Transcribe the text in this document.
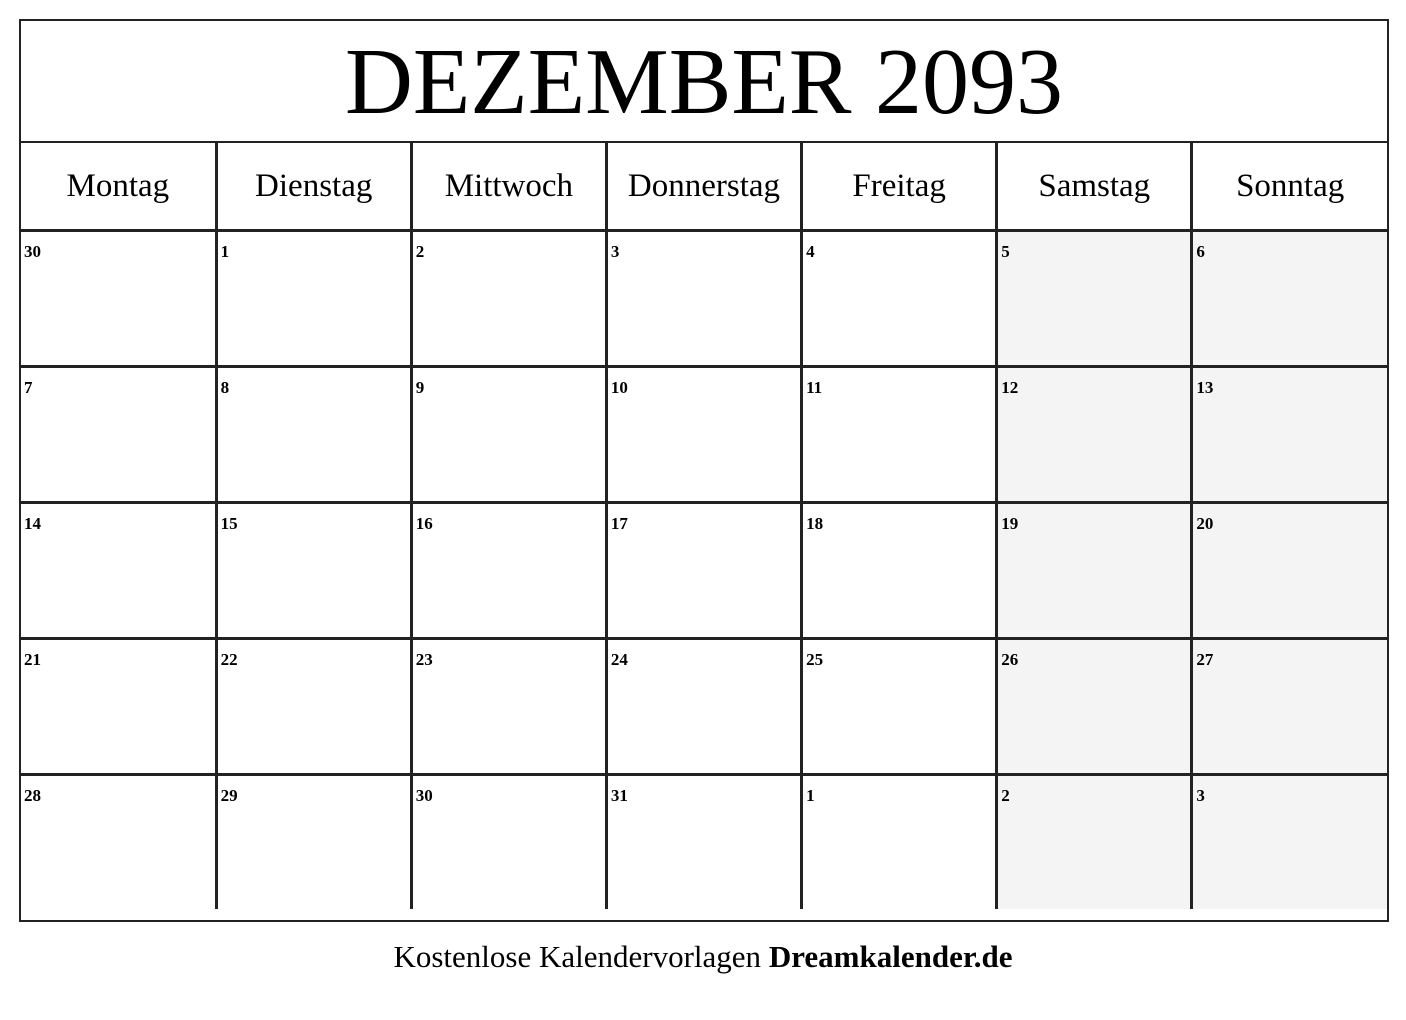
DEZEMBER 2093
Montag	Dienstag	Mittwoch	Donnerstag	Freitag	Samstag	Sonntag

30	1	2	3	4	5	6

7	8	9	10	11	12	13

14	15	16	17	18	19	20

21	22	23	24	25	26	27

28	29	30	31	1	2	3
Kostenlose Kalendervorlagen Dreamkalender.de
